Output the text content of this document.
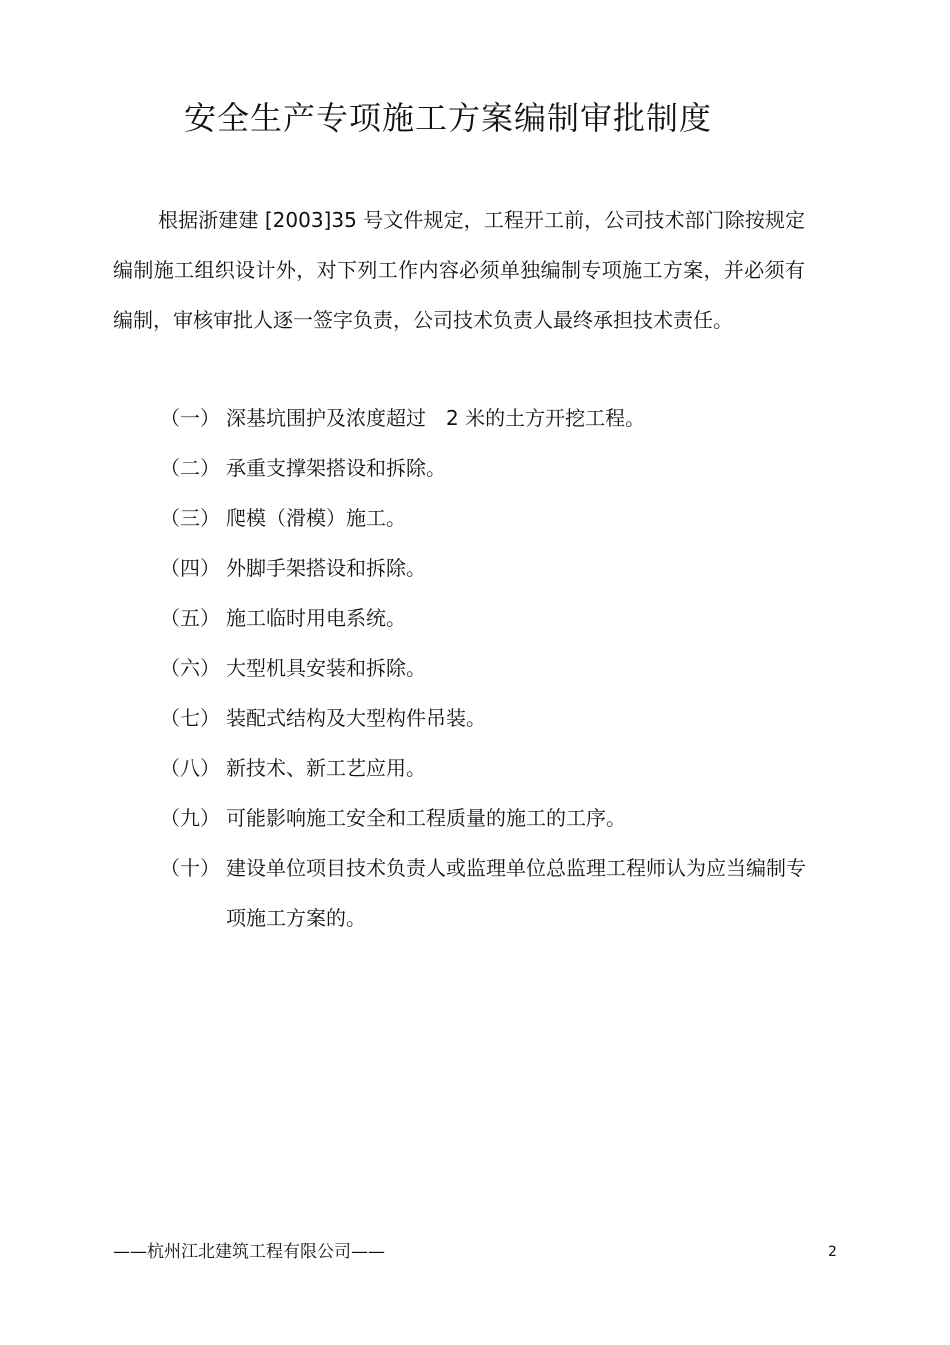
安全生产专项施工方案编制审批制度

根据浙建建 [2003]35 号文件规定，工程开工前，公司技术部门除按规定编制施工组织设计外，对下列工作内容必须单独编制专项施工方案，并必须有编制，审核审批人逐一签字负责，公司技术负责人最终承担技术责任。

（一） 深基坑围护及浓度超过　2 米的土方开挖工程。
（二） 承重支撑架搭设和拆除。
（三） 爬模（滑模）施工。
（四） 外脚手架搭设和拆除。
（五） 施工临时用电系统。
（六） 大型机具安装和拆除。
（七） 装配式结构及大型构件吊装。
（八） 新技术、新工艺应用。
（九） 可能影响施工安全和工程质量的施工的工序。
（十） 建设单位项目技术负责人或监理单位总监理工程师认为应当编制专项施工方案的。
——杭州江北建筑工程有限公司——	2
